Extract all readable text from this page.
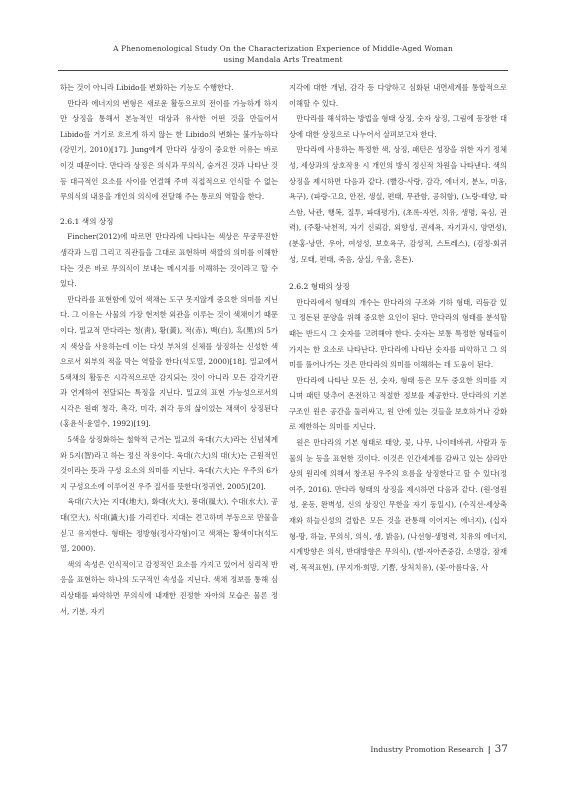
A Phenomenological Study On the Characterization Experience of Middle-Aged Woman
using Mandala Arts Treatment

하는 것이 아니라 Libido를 변화하는 기능도 수행한다.

만다라 에너지의 변형은 새로운 활동으로의 전이를 가능하게 하지만 상징을 통해서 본능적인 대상과 유사한 어떤 것을 만들어서 Libido를 거기로 흐르게 하지 않는 한 Libido의 변화는 불가능하다(강민기, 2010)[17]. Jung에게 만다라 상징이 중요한 이유는 바로 이것 때문이다. 만다라 상징은 의식과 무의식, 숨겨진 것과 나타난 것 등 대극적인 요소를 사이를 연결해 주며 직접적으로 인식할 수 없는 무의식의 내용을 개인의 의식에 전달해 주는 통로의 역할을 한다.

2.6.1 색의 상징

Fincher(2012)에 따르면 만다라에 나타나는 색상은 무궁무진한 생각과 느낌 그리고 직관들을 그대로 표현하며 색깔의 의미를 이해한다는 것은 바로 무의식이 보내는 메시지를 이해하는 것이라고 할 수 있다.

만다라를 표현함에 있어 색채는 도구 못지않게 중요한 의미를 지닌다. 그 이유는 사물의 가장 현저한 외관을 이루는 것이 색채이기 때문이다. 밀교적 만다라는 청(靑), 황(黃), 적(赤), 백(白), 흑(黑)의 5가지 색상을 사용하는데 이는 다섯 부처의 신체를 상징하는 신성한 색으로서 외부의 적을 막는 역할을 한다(석도열, 2000)[18]. 밀교에서 5색채의 활동은 시각적으로만 감지되는 것이 아니라 모든 감각기관과 연계하여 전달되는 특징을 지닌다. 밀교의 표현 가능성으로서의 시각은 원래 청각, 촉각, 미각, 취각 등의 삶이었는 채색이 상징된다(홍윤식·윤열수, 1992)[19].

5색을 상징화하는 철학적 근거는 밀교의 육대(六大)라는 신념체계와 5지(智)라고 하는 정신 작용이다. 육대(六大)의 대(大)는 근원적인 것이라는 뜻과 구성 요소의 의미를 지닌다. 육대(六大)는 우주의 6가지 구성요소에 이루어진 우주 질서를 뜻한다(정귀연, 2005)[20].

육대(六大)는 지대(地大), 화대(火大), 풍대(風大), 수대(水大), 공대(空大), 식대(識大)를 가리킨다. 지대는 견고하며 부동으로 만물을 싣고 유지한다. 형태는 정방형(정사각형)이고 색채는 황색이다(석도열, 2000).

색의 속성은 인식적이고 감정적인 요소를 가지고 있어서 심리적 반응을 표현하는 하나의 도구적인 속성을 지닌다. 색채 정보를 통해 심리상태를 파악하면 무의식에 내재한 진정한 자아의 모습은 물론 정서, 기분, 자기

지각에 대한 개념, 감각 등 다양하고 심화된 내면세계를 통합적으로 이해할 수 있다.

만다라를 해석하는 방법을 형태 상징, 숫자 상징, 그림에 등장한 대상에 대한 상징으로 나누어서 살펴보고자 한다.

만다라에 사용하는 특정한 색, 상징, 패턴은 성장을 위한 자기 정체성, 세상과의 상호작용 시 개인의 방식 정신적 차원을 나타낸다. 색의 상징을 제시하면 다음과 같다. (빨강-사랑, 감각, 에너지, 분노, 미움, 욕구), (파랑-고요, 안전, 생실, 편태, 무관함, 공허함), (노랑-태양, 따스함, 낙관, 행복, 질투, 파대평가), (초록-자연, 치유, 생명, 육심, 권력), (주황-낙천적, 자기 신뢰감, 외향성, 권세욕, 자기과시, 양면성), (분홍-낭만, 우아, 여성성, 보호욕구, 감성적, 스트레스), (검정-회귀성, 모태, 편태, 죽음, 상실, 우울, 혼돈).

2.6.2 형태의 상징

만다라에서 형태의 개수는 만다라의 구조와 기하 형태, 리듬감 있고 정돈된 문양을 위해 중요한 요인이 된다. 만다라의 형태를 분석할 때는 반드시 그 숫자를 고려해야 한다. 숫자는 보통 특정한 형태들이 가지는 한 요소로 나타난다. 만다라에 나타난 숫자를 파악하고 그 의미를 풀어나가는 것은 만다라의 의미를 이해하는 데 도움이 된다.

만다라에 나타난 모든 선, 숫자, 형태 등은 모두 중요한 의미를 지니며 패턴 맞추어 온전하고 적절한 정보를 제공한다. 만다라의 기본 구조인 원은 공간을 둘러싸고, 원 안에 있는 것들을 보호하거나 강화로 제한하는 의미를 지닌다.

원은 만다라의 기본 형태로 태양, 꽃, 나무, 나이테바퀴, 사람과 동물의 눈 등을 표현한 것이다. 이것은 인간세계를 감싸고 있는 삼라만상의 원리에 의해서 창조된 우주의 흐름을 상징한다고 할 수 있다(정여주, 2016). 만다라 형태의 상징을 제시하면 다음과 같다. (원-영원성, 운동, 완벽성, 신의 상징인 무한을 자기 동일시), (수직선-세상축재와 하늘신성의 결합은 모든 것을 관통해 이어지는 에너지), (십자형-땅, 하늘, 무의식, 의식, 생, 밝음), (나선형-생명력, 치유의 에너지, 시계방향은 의식, 반대방향은 무의식), (별-자아존중감, 소명감, 잠재력, 목적표현), (무지개-희망, 기쁨, 상처치유), (꽃-아름다움, 사

Industry Promotion Research | 37
